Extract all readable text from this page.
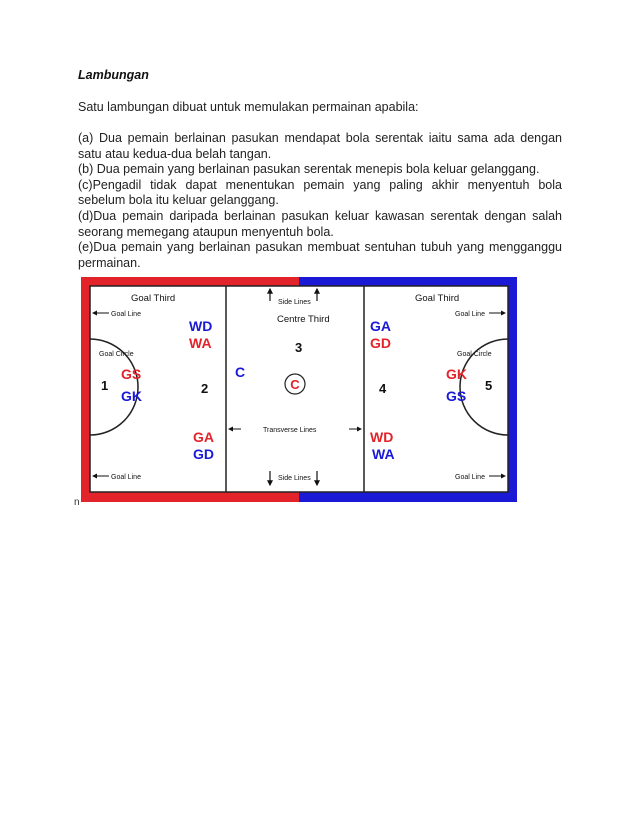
Lambungan
Satu lambungan dibuat untuk memulakan permainan apabila:

(a) Dua pemain berlainan pasukan mendapat bola serentak iaitu sama ada dengan satu atau kedua-dua belah tangan.

(b) Dua pemain yang berlainan pasukan serentak menepis bola keluar gelanggang.

(c)Pengadil tidak dapat menentukan pemain yang paling akhir menyentuh bola sebelum bola itu keluar gelanggang.

(d)Dua pemain daripada berlainan pasukan keluar kawasan serentak dengan salah seorang memegang ataupun menyentuh bola.

(e)Dua pemain yang berlainan pasukan membuat sentuhan tubuh yang mengganggu permainan.

Goal Third	Goal Third
Centre Third
Goal Line
Goal Line
Goal Line
Goal Line
Goal Circle	Goal Circle
Side Lines
Side Lines
Transverse Lines
1	2
3
4	5
WD
WA
GS
GK
GA
GD
C
GA
GD
GK
GS
WD
WA
C
n
